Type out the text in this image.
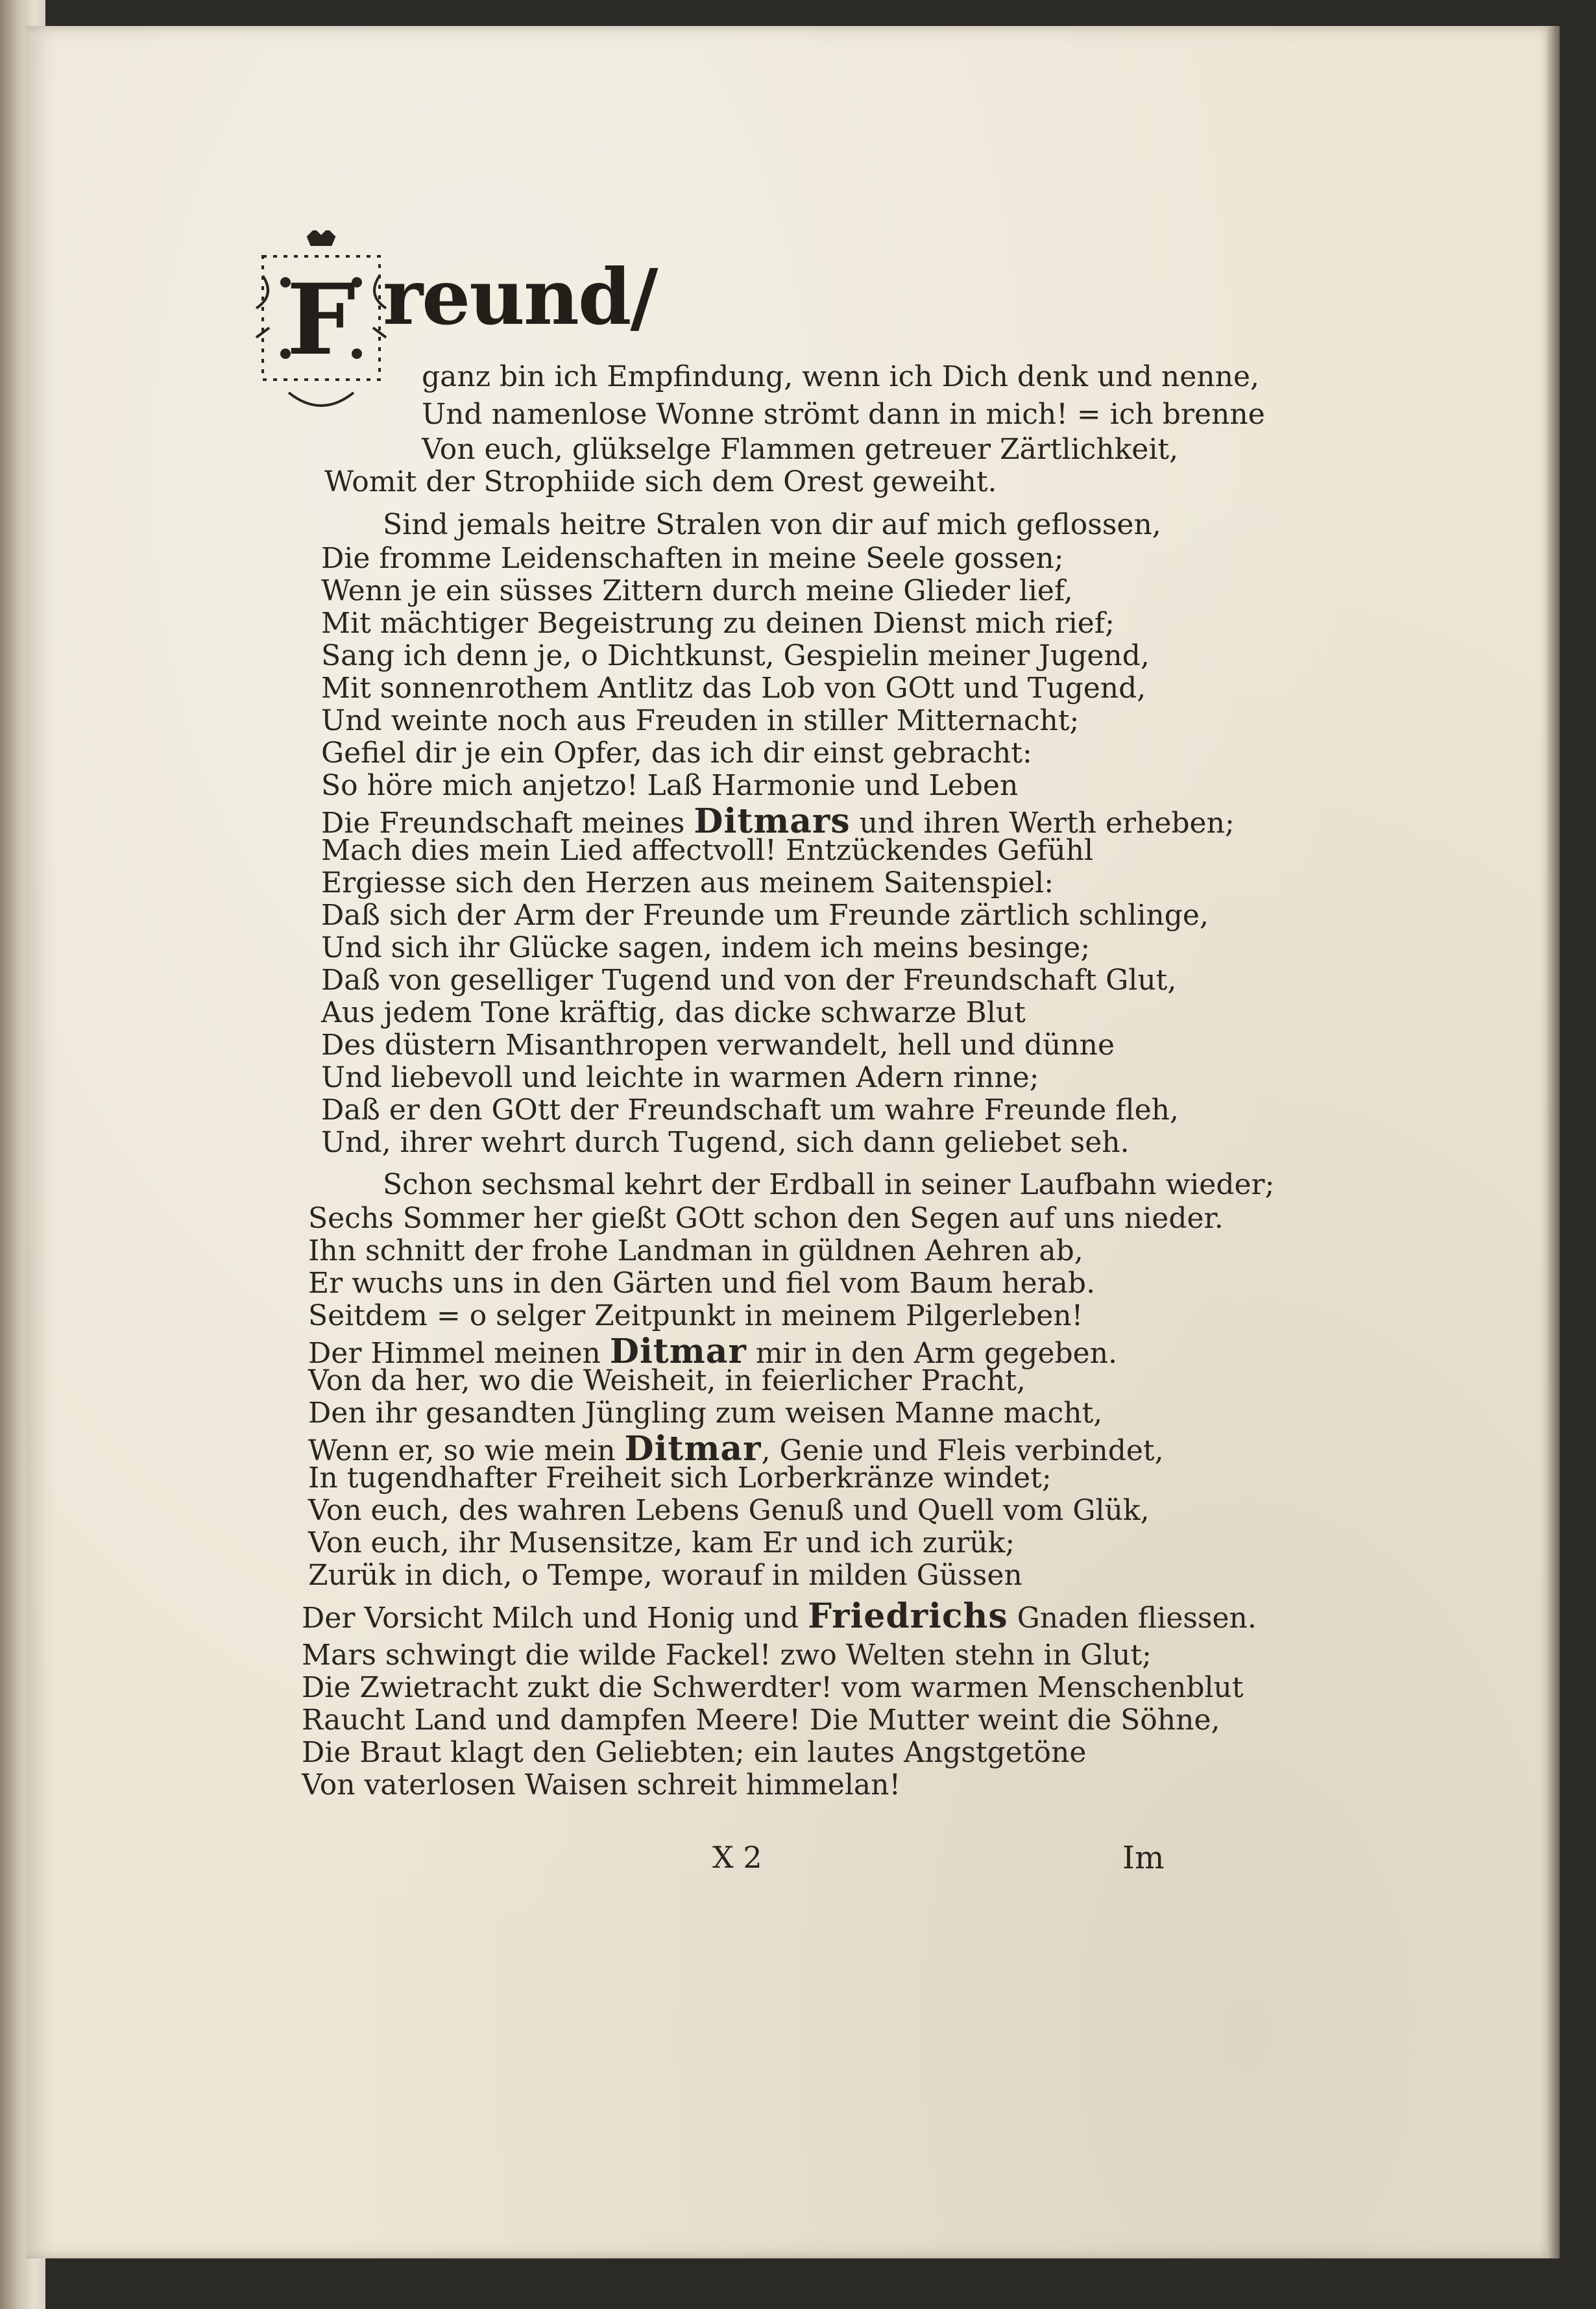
F reund/
ganz bin ich Empfindung, wenn ich Dich denk und nenne,
Und namenlose Wonne strömt dann in mich! = ich brenne
Von euch, glükselge Flammen getreuer Zärtlichkeit,
Womit der Strophiide sich dem Orest geweiht.
Sind jemals heitre Stralen von dir auf mich geflossen,
Die fromme Leidenschaften in meine Seele gossen;
Wenn je ein süsses Zittern durch meine Glieder lief,
Mit mächtiger Begeistrung zu deinen Dienst mich rief;
Sang ich denn je, o Dichtkunst, Gespielin meiner Jugend,
Mit sonnenrothem Antlitz das Lob von GOtt und Tugend,
Und weinte noch aus Freuden in stiller Mitternacht;
Gefiel dir je ein Opfer, das ich dir einst gebracht:
So höre mich anjetzo! Laß Harmonie und Leben
Die Freundschaft meines Ditmars und ihren Werth erheben;
Mach dies mein Lied affectvoll! Entzückendes Gefühl
Ergiesse sich den Herzen aus meinem Saitenspiel:
Daß sich der Arm der Freunde um Freunde zärtlich schlinge,
Und sich ihr Glücke sagen, indem ich meins besinge;
Daß von geselliger Tugend und von der Freundschaft Glut,
Aus jedem Tone kräftig, das dicke schwarze Blut
Des düstern Misanthropen verwandelt, hell und dünne
Und liebevoll und leichte in warmen Adern rinne;
Daß er den GOtt der Freundschaft um wahre Freunde fleh,
Und, ihrer wehrt durch Tugend, sich dann geliebet seh.
Schon sechsmal kehrt der Erdball in seiner Laufbahn wieder;
Sechs Sommer her gießt GOtt schon den Segen auf uns nieder.
Ihn schnitt der frohe Landman in güldnen Aehren ab,
Er wuchs uns in den Gärten und fiel vom Baum herab.
Seitdem = o selger Zeitpunkt in meinem Pilgerleben!
Der Himmel meinen Ditmar mir in den Arm gegeben.
Von da her, wo die Weisheit, in feierlicher Pracht,
Den ihr gesandten Jüngling zum weisen Manne macht,
Wenn er, so wie mein Ditmar, Genie und Fleis verbindet,
In tugendhafter Freiheit sich Lorberkränze windet;
Von euch, des wahren Lebens Genuß und Quell vom Glük,
Von euch, ihr Musensitze, kam Er und ich zurük;
Zurük in dich, o Tempe, worauf in milden Güssen
Der Vorsicht Milch und Honig und Friedrichs Gnaden fliessen.
Mars schwingt die wilde Fackel! zwo Welten stehn in Glut;
Die Zwietracht zukt die Schwerdter! vom warmen Menschenblut
Raucht Land und dampfen Meere! Die Mutter weint die Söhne,
Die Braut klagt den Geliebten; ein lautes Angstgetöne
Von vaterlosen Waisen schreit himmelan!
X 2	Im
